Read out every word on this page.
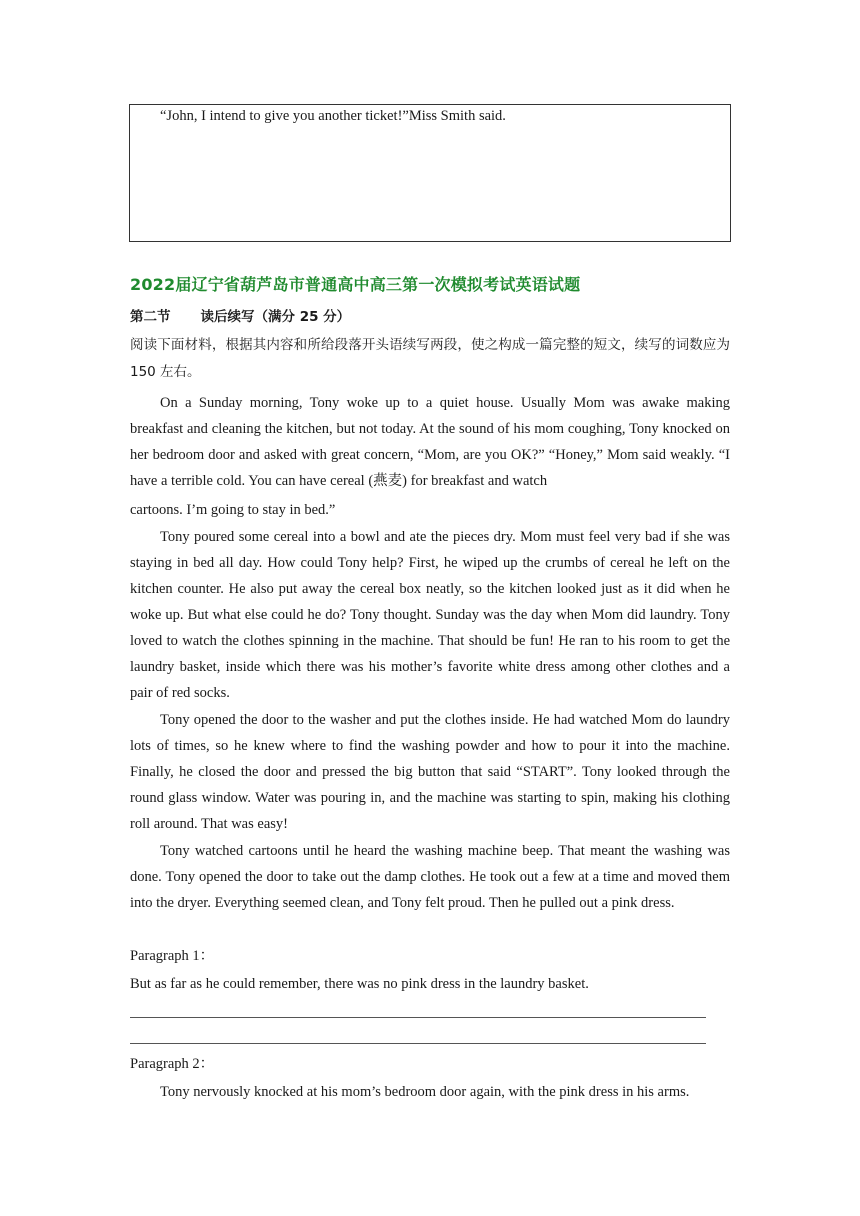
“John, I intend to give you another ticket!”Miss Smith said.
2022届辽宁省葫芦岛市普通高中高三第一次模拟考试英语试题
第二节 读后续写（满分 25 分）
阅读下面材料，根据其内容和所给段落开头语续写两段，使之构成一篇完整的短文，续写的词数应为 150 左右。
On a Sunday morning, Tony woke up to a quiet house. Usually Mom was awake making breakfast and cleaning the kitchen, but not today. At the sound of his mom coughing, Tony knocked on her bedroom door and asked with great concern, “Mom, are you OK?” “Honey,” Mom said weakly. “I have a terrible cold. You can have cereal (燕麦) for breakfast and watch
cartoons. I’m going to stay in bed.”
Tony poured some cereal into a bowl and ate the pieces dry. Mom must feel very bad if she was staying in bed all day. How could Tony help? First, he wiped up the crumbs of cereal he left on the kitchen counter. He also put away the cereal box neatly, so the kitchen looked just as it did when he woke up. But what else could he do? Tony thought. Sunday was the day when Mom did laundry. Tony loved to watch the clothes spinning in the machine. That should be fun! He ran to his room to get the laundry basket, inside which there was his mother’s favorite white dress among other clothes and a pair of red socks.
Tony opened the door to the washer and put the clothes inside. He had watched Mom do laundry lots of times, so he knew where to find the washing powder and how to pour it into the machine. Finally, he closed the door and pressed the big button that said “START”. Tony looked through the round glass window. Water was pouring in, and the machine was starting to spin, making his clothing roll around. That was easy!
Tony watched cartoons until he heard the washing machine beep. That meant the washing was done. Tony opened the door to take out the damp clothes. He took out a few at a time and moved them into the dryer. Everything seemed clean, and Tony felt proud. Then he pulled out a pink dress.
Paragraph 1：
But as far as he could remember, there was no pink dress in the laundry basket.
Paragraph 2：
Tony nervously knocked at his mom’s bedroom door again, with the pink dress in his arms.
